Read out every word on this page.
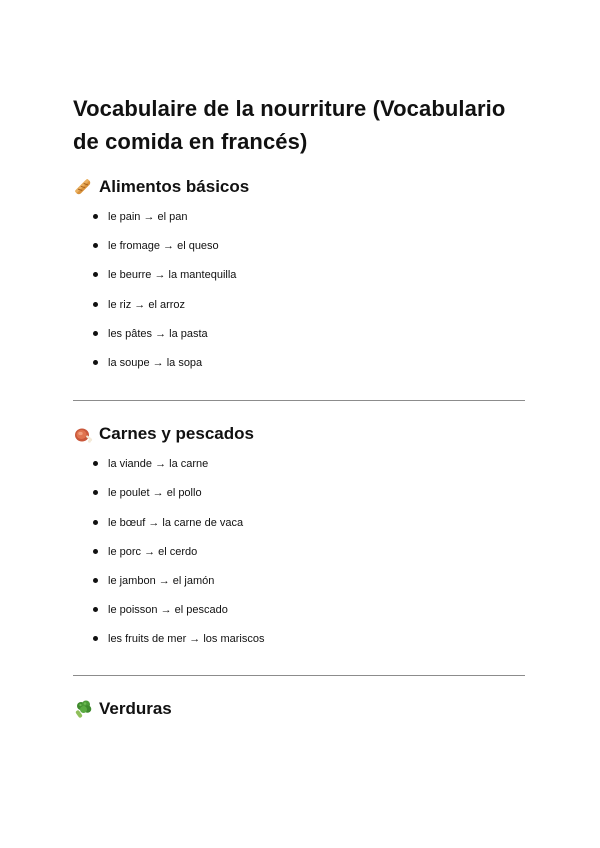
Vocabulaire de la nourriture (Vocabulario de comida en francés)
Alimentos básicos
le pain → el pan
le fromage → el queso
le beurre → la mantequilla
le riz → el arroz
les pâtes → la pasta
la soupe → la sopa
Carnes y pescados
la viande → la carne
le poulet → el pollo
le bœuf → la carne de vaca
le porc → el cerdo
le jambon → el jamón
le poisson → el pescado
les fruits de mer → los mariscos
Verduras
